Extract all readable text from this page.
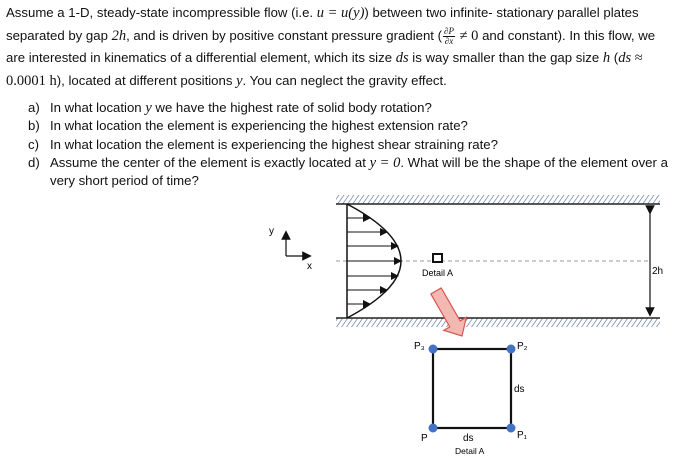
Assume a 1-D, steady-state incompressible flow (i.e. u = u(y)) between two infinite- stationary parallel plates

separated by gap 2h, and is driven by positive constant pressure gradient ( $\frac{\partial P}{\partial x} \ne 0$ and constant). In this flow, we

are interested in kinematics of a differential element, which its size ds is way smaller than the gap size h (ds ≈

0.0001 h), located at different positions y. You can neglect the gravity effect.

a) In what location y we have the highest rate of solid body rotation?
b) In what location the element is experiencing the highest extension rate?
c) In what location the element is experiencing the highest shear straining rate?
d) Assume the center of the element is exactly located at y = 0. What will be the shape of the element over a very short period of time?
y
x
Detail A	2h
P₃	P₂
P	P₁
ds
ds
Detail A
